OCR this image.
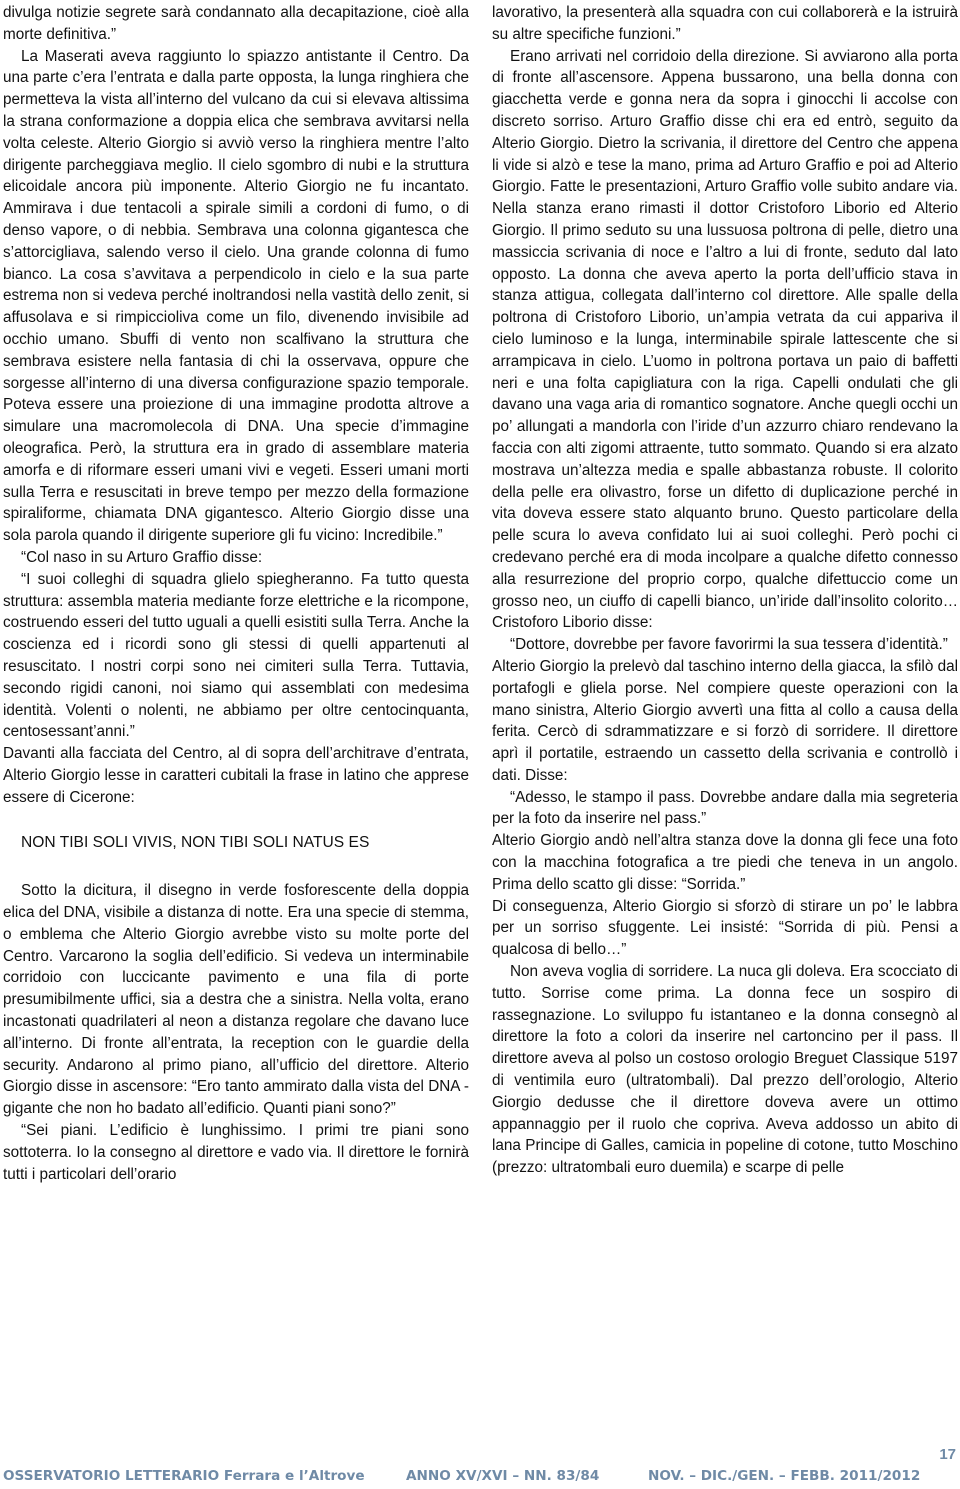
divulga notizie segrete sarà condannato alla decapitazione, cioè alla morte definitiva.”

La Maserati aveva raggiunto lo spiazzo antistante il Centro. Da una parte c’era l’entrata e dalla parte opposta, la lunga ringhiera che permetteva la vista all’interno del vulcano da cui si elevava altissima la strana conformazione a doppia elica che sembrava avvitarsi nella volta celeste. Alterio Giorgio si avviò verso la ringhiera mentre l’alto dirigente parcheggiava meglio. Il cielo sgombro di nubi e la struttura elicoidale ancora più imponente. Alterio Giorgio ne fu incantato. Ammirava i due tentacoli a spirale simili a cordoni di fumo, o di denso vapore, o di nebbia. Sembrava una colonna gigantesca che s’attorcigliava, salendo verso il cielo. Una grande colonna di fumo bianco. La cosa s’avvitava a perpendicolo in cielo e la sua parte estrema non si vedeva perché inoltrandosi nella vastità dello zenit, si affusolava e si rimpiccioliva come un filo, divenendo invisibile ad occhio umano. Sbuffi di vento non scalfivano la struttura che sembrava esistere nella fantasia di chi la osservava, oppure che sorgesse all’interno di una diversa configurazione spazio temporale. Poteva essere una proiezione di una immagine prodotta altrove a simulare una macromolecola di DNA. Una specie d’immagine oleografica. Però, la struttura era in grado di assemblare materia amorfa e di riformare esseri umani vivi e vegeti. Esseri umani morti sulla Terra e resuscitati in breve tempo per mezzo della formazione spiraliforme, chiamata DNA gigantesco. Alterio Giorgio disse una sola parola quando il dirigente superiore gli fu vicino: Incredibile.”

“Col naso in su Arturo Graffio disse:

“I suoi colleghi di squadra glielo spiegheranno. Fa tutto questa struttura: assembla materia mediante forze elettriche e la ricompone, costruendo esseri del tutto uguali a quelli esistiti sulla Terra. Anche la coscienza ed i ricordi sono gli stessi di quelli appartenuti al resuscitato. I nostri corpi sono nei cimiteri sulla Terra. Tuttavia, secondo rigidi canoni, noi siamo qui assemblati con medesima identità. Volenti o nolenti, ne abbiamo per oltre centocinquanta, centosessant’anni.”

Davanti alla facciata del Centro, al di sopra dell’architrave d’entrata, Alterio Giorgio lesse in caratteri cubitali la frase in latino che apprese essere di Cicerone:

NON TIBI SOLI VIVIS, NON TIBI SOLI NATUS ES

Sotto la dicitura, il disegno in verde fosforescente della doppia elica del DNA, visibile a distanza di notte. Era una specie di stemma, o emblema che Alterio Giorgio avrebbe visto su molte porte del Centro. Varcarono la soglia dell’edificio. Si vedeva un interminabile corridoio con luccicante pavimento e una fila di porte presumibilmente uffici, sia a destra che a sinistra. Nella volta, erano incastonati quadrilateri al neon a distanza regolare che davano luce all’interno. Di fronte all’entrata, la reception con le guardie della security. Andarono al primo piano, all’ufficio del direttore. Alterio Giorgio disse in ascensore: “Ero tanto ammirato dalla vista del DNA - gigante che non ho badato all’edificio. Quanti piani sono?”

“Sei piani. L’edificio è lunghissimo. I primi tre piani sono sottoterra. Io la consegno al direttore e vado via. Il direttore le fornirà tutti i particolari dell’orario

lavorativo, la presenterà alla squadra con cui collaborerà e la istruirà su altre specifiche funzioni.”

Erano arrivati nel corridoio della direzione. Si avviarono alla porta di fronte all’ascensore. Appena bussarono, una bella donna con giacchetta verde e gonna nera da sopra i ginocchi li accolse con discreto sorriso. Arturo Graffio disse chi era ed entrò, seguito da Alterio Giorgio. Dietro la scrivania, il direttore del Centro che appena li vide si alzò e tese la mano, prima ad Arturo Graffio e poi ad Alterio Giorgio. Fatte le presentazioni, Arturo Graffio volle subito andare via. Nella stanza erano rimasti il dottor Cristoforo Liborio ed Alterio Giorgio. Il primo seduto su una lussuosa poltrona di pelle, dietro una massiccia scrivania di noce e l’altro a lui di fronte, seduto dal lato opposto. La donna che aveva aperto la porta dell’ufficio stava in stanza attigua, collegata dall’interno col direttore. Alle spalle della poltrona di Cristoforo Liborio, un’ampia vetrata da cui appariva il cielo luminoso e la lunga, interminabile spirale lattescente che si arrampicava in cielo. L’uomo in poltrona portava un paio di baffetti neri e una folta capigliatura con la riga. Capelli ondulati che gli davano una vaga aria di romantico sognatore. Anche quegli occhi un po’ allungati a mandorla con l’iride d’un azzurro chiaro rendevano la faccia con alti zigomi attraente, tutto sommato. Quando si era alzato mostrava un’altezza media e spalle abbastanza robuste. Il colorito della pelle era olivastro, forse un difetto di duplicazione perché in vita doveva essere stato alquanto bruno. Questo particolare della pelle scura lo aveva confidato lui ai suoi colleghi. Però pochi ci credevano perché era di moda incolpare a qualche difetto connesso alla resurrezione del proprio corpo, qualche difettuccio come un grosso neo, un ciuffo di capelli bianco, un’iride dall’insolito colorito… Cristoforo Liborio disse:

“Dottore, dovrebbe per favore favorirmi la sua tessera d’identità.”

Alterio Giorgio la prelevò dal taschino interno della giacca, la sfilò dal portafogli e gliela porse. Nel compiere queste operazioni con la mano sinistra, Alterio Giorgio avvertì una fitta al collo a causa della ferita. Cercò di sdrammatizzare e si forzò di sorridere. Il direttore aprì il portatile, estraendo un cassetto della scrivania e controllò i dati. Disse:

“Adesso, le stampo il pass. Dovrebbe andare dalla mia segreteria per la foto da inserire nel pass.”

Alterio Giorgio andò nell’altra stanza dove la donna gli fece una foto con la macchina fotografica a tre piedi che teneva in un angolo. Prima dello scatto gli disse: “Sorrida.”

Di conseguenza, Alterio Giorgio si sforzò di stirare un po’ le labbra per un sorriso sfuggente. Lei insisté: “Sorrida di più. Pensi a qualcosa di bello…”

Non aveva voglia di sorridere. La nuca gli doleva. Era scocciato di tutto. Sorrise come prima. La donna fece un sospiro di rassegnazione. Lo sviluppo fu istantaneo e la donna consegnò al direttore la foto a colori da inserire nel cartoncino per il pass. Il direttore aveva al polso un costoso orologio Breguet Classique 5197 di ventimila euro (ultratombali). Dal prezzo dell’orologio, Alterio Giorgio dedusse che il direttore doveva avere un ottimo appannaggio per il ruolo che copriva. Aveva addosso un abito di lana Principe di Galles, camicia in popeline di cotone, tutto Moschino (prezzo: ultratombali euro duemila) e scarpe di pelle

17
OSSERVATORIO LETTERARIO Ferrara e l’Altrove	ANNO XV/XVI – NN. 83/84	NOV. – DIC./GEN. – FEBB. 2011/2012
